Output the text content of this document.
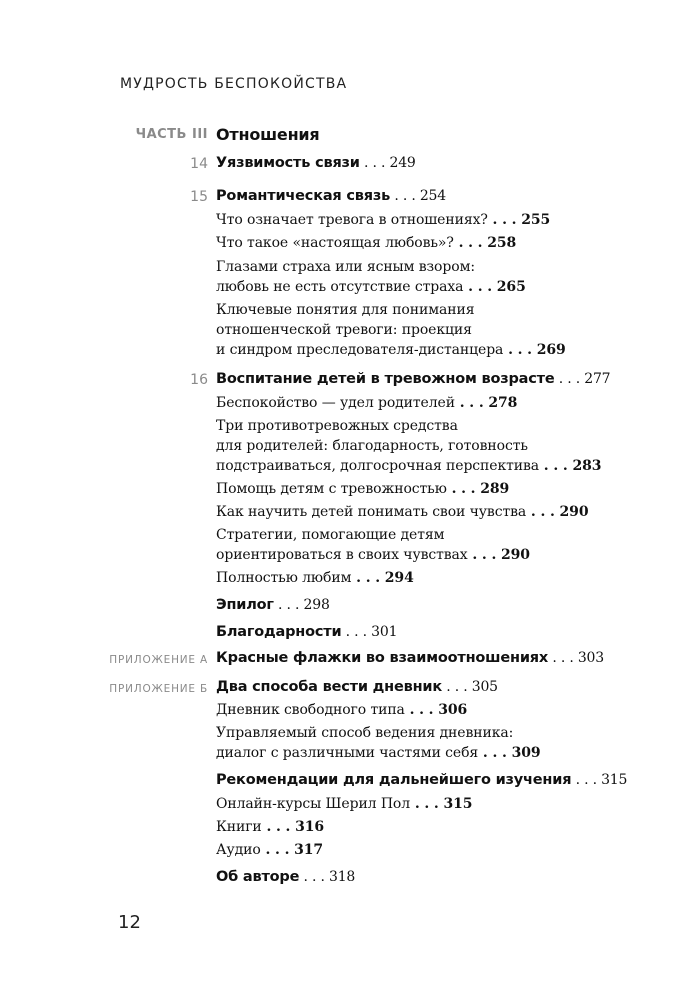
МУДРОСТЬ БЕСПОКОЙСТВА
ЧАСТЬ III Отношения
14 Уязвимость связи . . . 249
15 Романтическая связь . . . 254
Что означает тревога в отношениях? . . . 255
Что такое «настоящая любовь»? . . . 258
Глазами страха или ясным взором:
любовь не есть отсутствие страха . . . 265
Ключевые понятия для понимания
отношенческой тревоги: проекция
и синдром преследователя-дистанцера . . . 269
16 Воспитание детей в тревожном возрасте . . . 277
Беспокойство — удел родителей . . . 278
Три противотревожных средства
для родителей: благодарность, готовность
подстраиваться, долгосрочная перспектива . . . 283
Помощь детям с тревожностью . . . 289
Как научить детей понимать свои чувства . . . 290
Стратегии, помогающие детям
ориентироваться в своих чувствах . . . 290
Полностью любим . . . 294
Эпилог . . . 298
Благодарности . . . 301
ПРИЛОЖЕНИЕ А Красные флажки во взаимоотношениях . . . 303
ПРИЛОЖЕНИЕ Б Два способа вести дневник . . . 305
Дневник свободного типа . . . 306
Управляемый способ ведения дневника:
диалог с различными частями себя . . . 309
Рекомендации для дальнейшего изучения . . . 315
Онлайн-курсы Шерил Пол . . . 315
Книги . . . 316
Аудио . . . 317
Об авторе . . . 318
12
